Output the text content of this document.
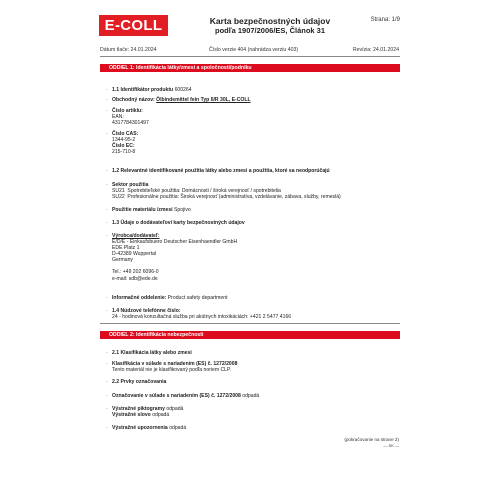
E-COLL	Karta bezpečnostných údajov
podľa 1907/2006/ES, Článok 31
Strana: 1/9
Dátum tlače: 24.01.2024	Číslo verzie 404 (nahrádza verziu 403)	Revízia: 24.01.2024
ODDIEL 1: Identifikácia látky/zmesi a spoločnosti/podniku
· 1.1 Identifikátor produktu 600264
· Obchodný názov: Ölbindemittel fein Typ II/R 30L, E-COLL
· Číslo artiklu:
EAN:
4317784301497
· Číslo CAS:
1344-95-2
Číslo EC:
215-710-8
· 1.2 Relevantné identifikované použitia látky alebo zmesi a použitia, ktoré sa neodporúčajú
· Sektor použitia
SU21 Spotrebiteľské použitia: Domácnosti / široká verejnosť / spotrebitelia
SU22 Profesionálne použitia: Široká verejnosť (administratíva, vzdelávanie, zábava, služby, remeslá)
· Použitie materiálu /zmesi Spojivo
· 1.3 Údaje o dodávateľovi karty bezpečnostných údajov
· Výrobca/dodávateľ:
E/D/E - Einkaufsbuero Deutscher Eisenhaendler GmbH
EDE Platz 1
D-42389 Wuppertal
Germany
Tel.: +49 202 6096-0
e-mail: sdb@ede.de
· Informačné oddelenie: Product safety department
· 1.4 Núdzové telefónne číslo:
24 - hodinová konzultačná služba pri akútnych intoxikáciách: +421 2 5477 4166
ODDIEL 2: Identifikácia nebezpečnosti
· 2.1 Klasifikácia látky alebo zmesi
· Klasifikácia v súlade s nariadením (ES) č. 1272/2008
Tento materiál nie je klasifikovaný podľa noriem CLP.
· 2.2 Prvky označovania
· Označovanie v súlade s nariadením (ES) č. 1272/2008 odpadá
· Výstražné piktogramy odpadá
Výstražné slovo odpadá
· Výstražné upozornenia odpadá
(pokračovanie na strane 2)
— SK —
